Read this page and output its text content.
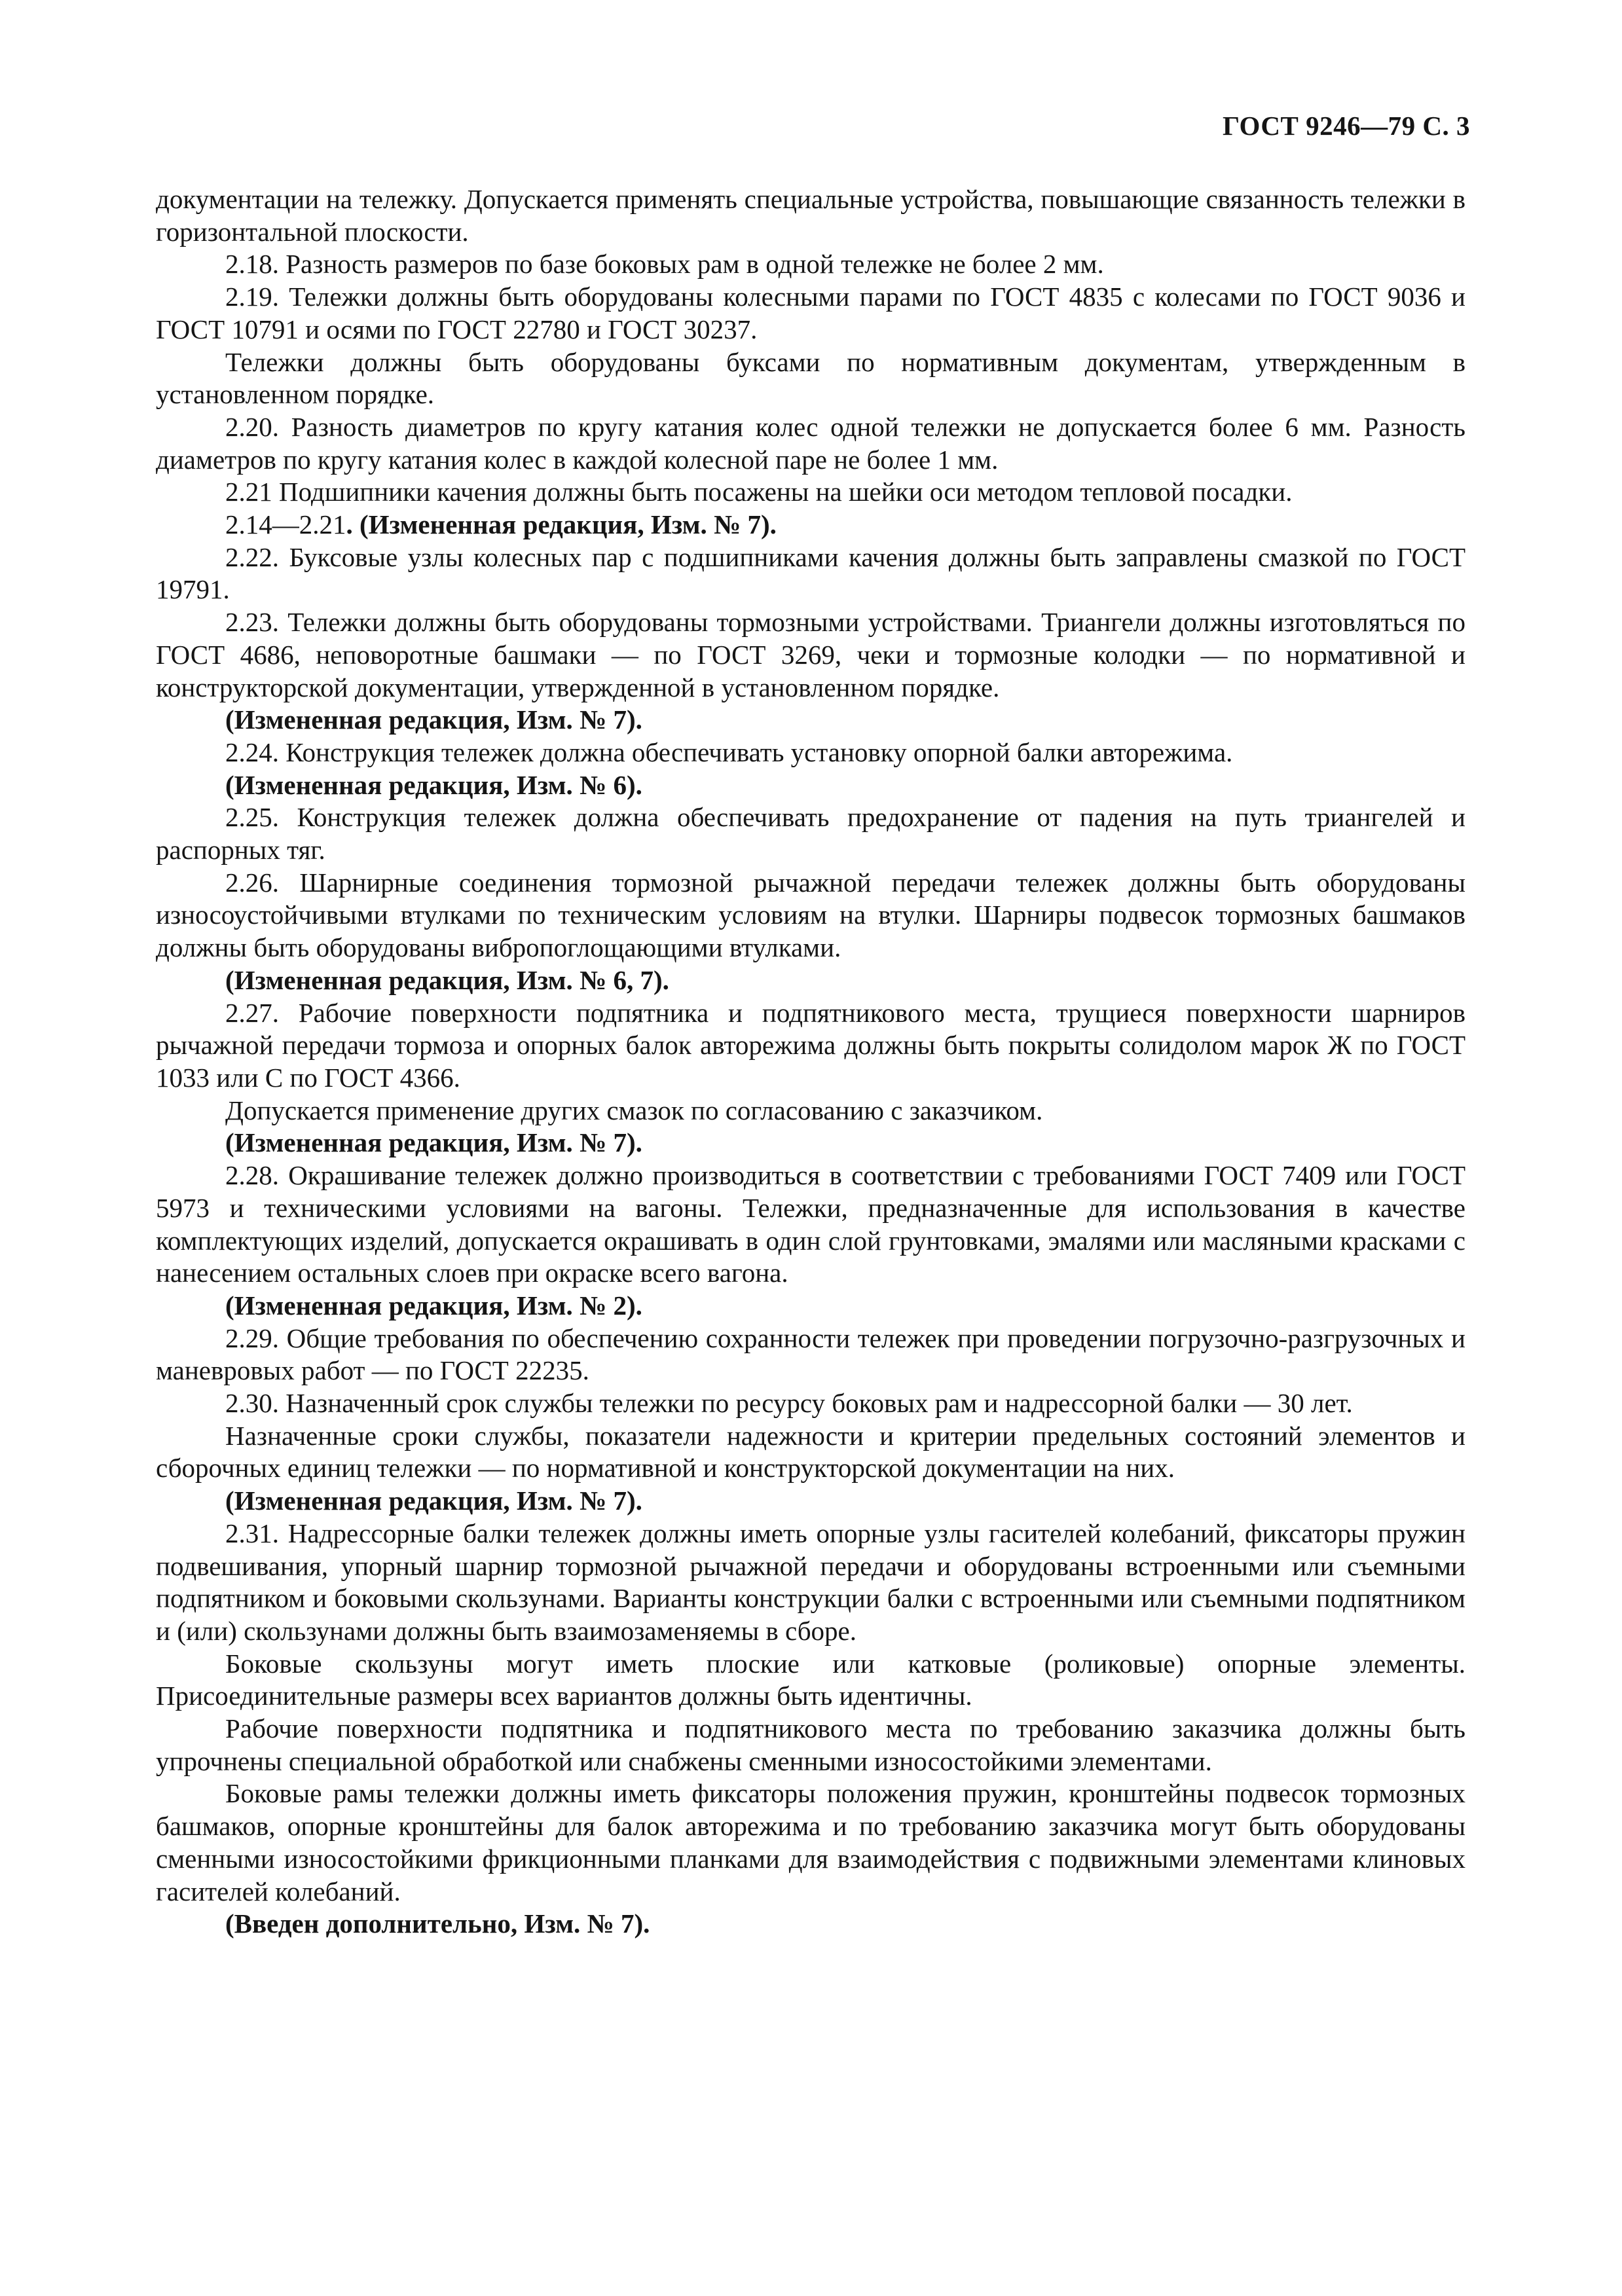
ГОСТ 9246—79 С. 3

документации на тележку. Допускается применять специальные устройства, повышающие связанность тележки в горизонтальной плоскости.

2.18. Разность размеров по базе боковых рам в одной тележке не более 2 мм.

2.19. Тележки должны быть оборудованы колесными парами по ГОСТ 4835 с колесами по ГОСТ 9036 и ГОСТ 10791 и осями по ГОСТ 22780 и ГОСТ 30237.

Тележки должны быть оборудованы буксами по нормативным документам, утвержденным в установленном порядке.

2.20. Разность диаметров по кругу катания колес одной тележки не допускается более 6 мм. Разность диаметров по кругу катания колес в каждой колесной паре не более 1 мм.

2.21 Подшипники качения должны быть посажены на шейки оси методом тепловой посадки.

2.14—2.21. (Измененная редакция, Изм. № 7).

2.22. Буксовые узлы колесных пар с подшипниками качения должны быть заправлены смазкой по ГОСТ 19791.

2.23. Тележки должны быть оборудованы тормозными устройствами. Триангели должны изготовляться по ГОСТ 4686, неповоротные башмаки — по ГОСТ 3269, чеки и тормозные колодки — по нормативной и конструкторской документации, утвержденной в установленном порядке.

(Измененная редакция, Изм. № 7).

2.24. Конструкция тележек должна обеспечивать установку опорной балки авторежима.

(Измененная редакция, Изм. № 6).

2.25. Конструкция тележек должна обеспечивать предохранение от падения на путь триангелей и распорных тяг.

2.26. Шарнирные соединения тормозной рычажной передачи тележек должны быть оборудованы износоустойчивыми втулками по техническим условиям на втулки. Шарниры подвесок тормозных башмаков должны быть оборудованы вибропоглощающими втулками.

(Измененная редакция, Изм. № 6, 7).

2.27. Рабочие поверхности подпятника и подпятникового места, трущиеся поверхности шарниров рычажной передачи тормоза и опорных балок авторежима должны быть покрыты солидолом марок Ж по ГОСТ 1033 или С по ГОСТ 4366.

Допускается применение других смазок по согласованию с заказчиком.

(Измененная редакция, Изм. № 7).

2.28. Окрашивание тележек должно производиться в соответствии с требованиями ГОСТ 7409 или ГОСТ 5973 и техническими условиями на вагоны. Тележки, предназначенные для использования в качестве комплектующих изделий, допускается окрашивать в один слой грунтовками, эмалями или масляными красками с нанесением остальных слоев при окраске всего вагона.

(Измененная редакция, Изм. № 2).

2.29. Общие требования по обеспечению сохранности тележек при проведении погрузочно-разгрузочных и маневровых работ — по ГОСТ 22235.

2.30. Назначенный срок службы тележки по ресурсу боковых рам и надрессорной балки — 30 лет.

Назначенные сроки службы, показатели надежности и критерии предельных состояний элементов и сборочных единиц тележки — по нормативной и конструкторской документации на них.

(Измененная редакция, Изм. № 7).

2.31. Надрессорные балки тележек должны иметь опорные узлы гасителей колебаний, фиксаторы пружин подвешивания, упорный шарнир тормозной рычажной передачи и оборудованы встроенными или съемными подпятником и боковыми скользунами. Варианты конструкции балки с встроенными или съемными подпятником и (или) скользунами должны быть взаимозаменяемы в сборе.

Боковые скользуны могут иметь плоские или катковые (роликовые) опорные элементы. Присоединительные размеры всех вариантов должны быть идентичны.

Рабочие поверхности подпятника и подпятникового места по требованию заказчика должны быть упрочнены специальной обработкой или снабжены сменными износостойкими элементами.

Боковые рамы тележки должны иметь фиксаторы положения пружин, кронштейны подвесок тормозных башмаков, опорные кронштейны для балок авторежима и по требованию заказчика могут быть оборудованы сменными износостойкими фрикционными планками для взаимодействия с подвижными элементами клиновых гасителей колебаний.

(Введен дополнительно, Изм. № 7).
